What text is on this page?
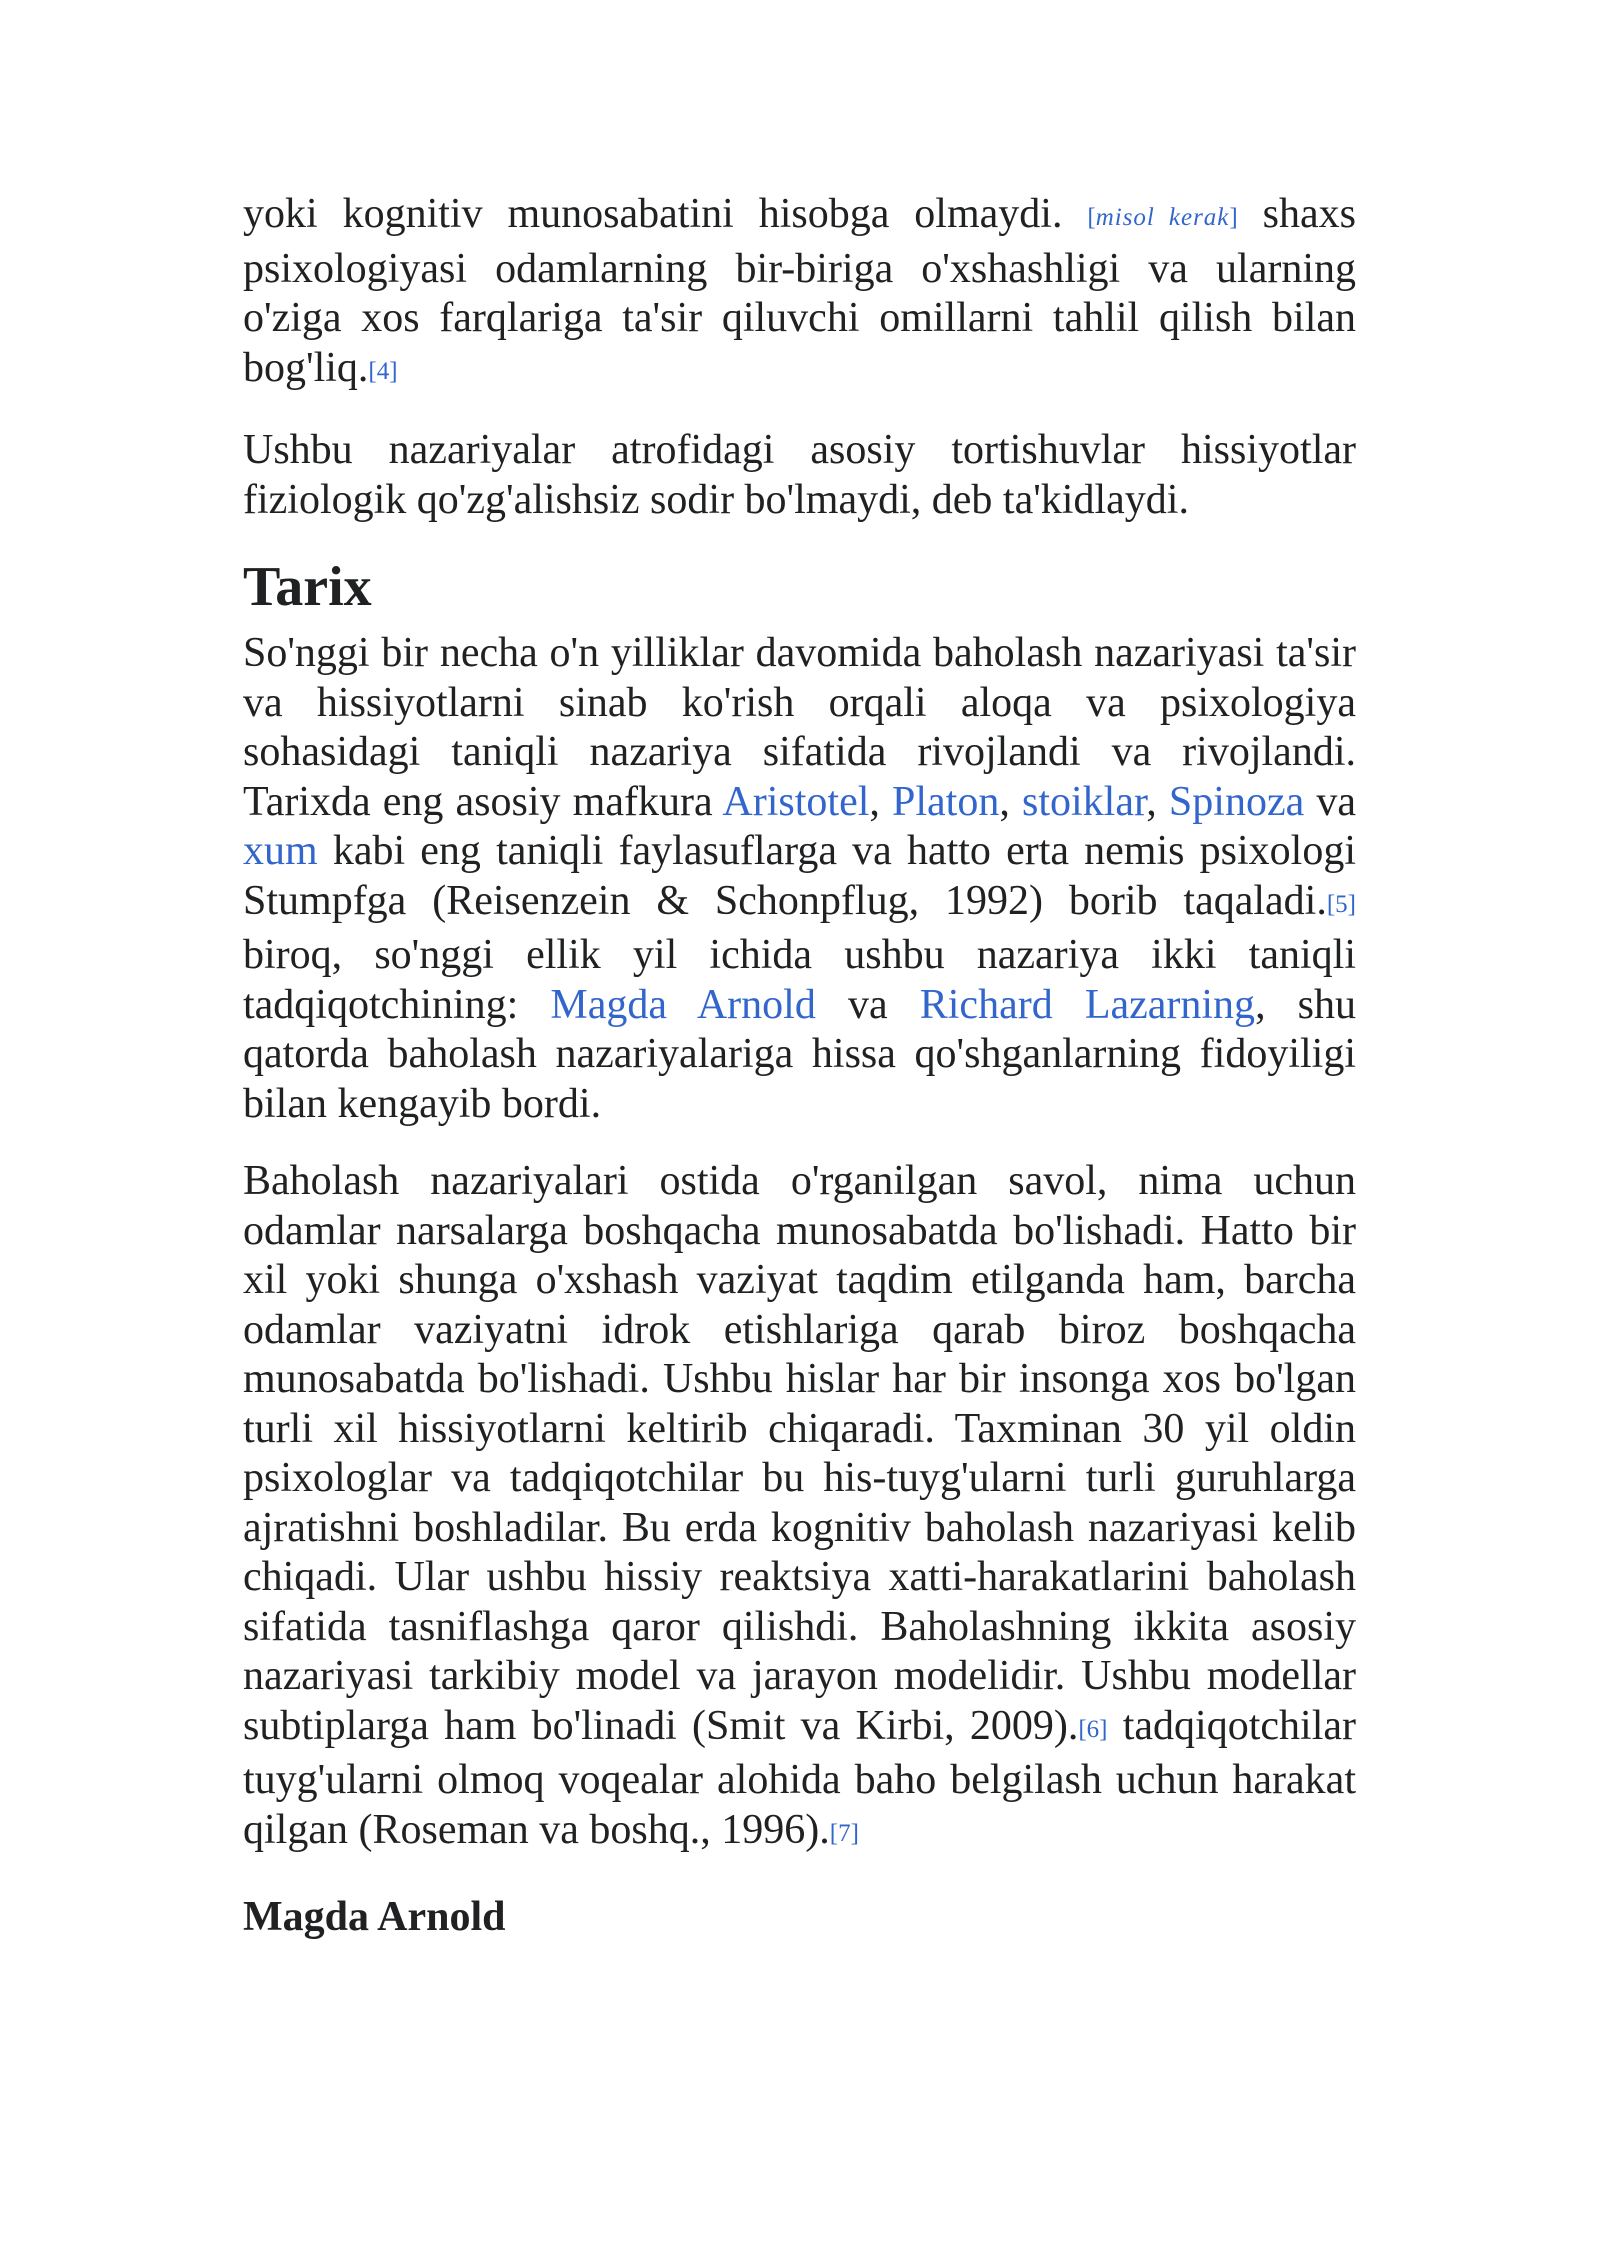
yoki kognitiv munosabatini hisobga olmaydi. [misol kerak] shaxs psixologiyasi odamlarning bir-biriga o'xshashligi va ularning o'ziga xos farqlariga ta'sir qiluvchi omillarni tahlil qilish bilan bog'liq.[4]

Ushbu nazariyalar atrofidagi asosiy tortishuvlar hissiyotlar fiziologik qo'zg'alishsiz sodir bo'lmaydi, deb ta'kidlaydi.

Tarix

So'nggi bir necha o'n yilliklar davomida baholash nazariyasi ta'sir va hissiyotlarni sinab ko'rish orqali aloqa va psixologiya sohasidagi taniqli nazariya sifatida rivojlandi va rivojlandi. Tarixda eng asosiy mafkura Aristotel, Platon, stoiklar, Spinoza va xum kabi eng taniqli faylasuflarga va hatto erta nemis psixologi Stumpfga (Reisenzein & Schonpflug, 1992) borib taqaladi.[5] biroq, so'nggi ellik yil ichida ushbu nazariya ikki taniqli tadqiqotchining: Magda Arnold va Richard Lazarning, shu qatorda baholash nazariyalariga hissa qo'shganlarning fidoyiligi bilan kengayib bordi.

Baholash nazariyalari ostida o'rganilgan savol, nima uchun odamlar narsalarga boshqacha munosabatda bo'lishadi. Hatto bir xil yoki shunga o'xshash vaziyat taqdim etilganda ham, barcha odamlar vaziyatni idrok etishlariga qarab biroz boshqacha munosabatda bo'lishadi. Ushbu hislar har bir insonga xos bo'lgan turli xil hissiyotlarni keltirib chiqaradi. Taxminan 30 yil oldin psixologlar va tadqiqotchilar bu his-tuyg'ularni turli guruhlarga ajratishni boshladilar. Bu erda kognitiv baholash nazariyasi kelib chiqadi. Ular ushbu hissiy reaktsiya xatti-harakatlarini baholash sifatida tasniflashga qaror qilishdi. Baholashning ikkita asosiy nazariyasi tarkibiy model va jarayon modelidir. Ushbu modellar subtiplarga ham bo'linadi (Smit va Kirbi, 2009).[6] tadqiqotchilar tuyg'ularni olmoq voqealar alohida baho belgilash uchun harakat qilgan (Roseman va boshq., 1996).[7]

Magda Arnold
